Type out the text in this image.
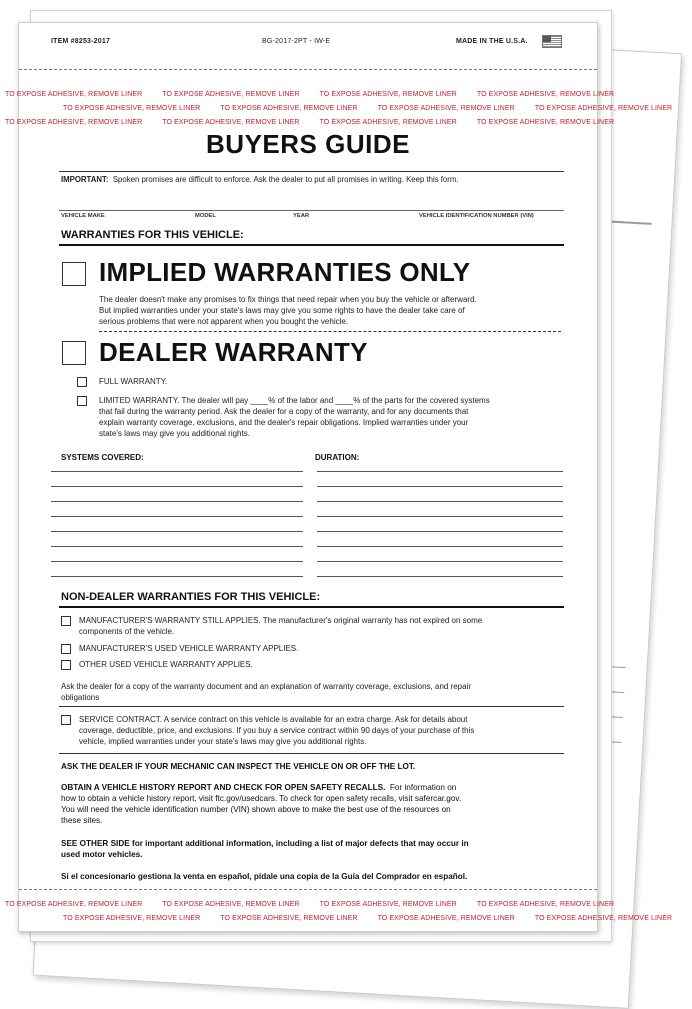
ITEM #8253-2017	BG-2017-2PT - IW-E	MADE IN THE U.S.A.
TO EXPOSE ADHESIVE, REMOVE LINER	TO EXPOSE ADHESIVE, REMOVE LINER	TO EXPOSE ADHESIVE, REMOVE LINER	TO EXPOSE ADHESIVE, REMOVE LINER
TO EXPOSE ADHESIVE, REMOVE LINER	TO EXPOSE ADHESIVE, REMOVE LINER	TO EXPOSE ADHESIVE, REMOVE LINER	TO EXPOSE ADHESIVE, REMOVE LINER
TO EXPOSE ADHESIVE, REMOVE LINER	TO EXPOSE ADHESIVE, REMOVE LINER	TO EXPOSE ADHESIVE, REMOVE LINER	TO EXPOSE ADHESIVE, REMOVE LINER
BUYERS GUIDE
IMPORTANT: Spoken promises are difficult to enforce. Ask the dealer to put all promises in writing. Keep this form.
VEHICLE MAKE	MODEL	YEAR	VEHICLE IDENTIFICATION NUMBER (VIN)
WARRANTIES FOR THIS VEHICLE:
IMPLIED WARRANTIES ONLY
The dealer doesn't make any promises to fix things that need repair when you buy the vehicle or afterward.
But implied warranties under your state's laws may give you some rights to have the dealer take care of
serious problems that were not apparent when you bought the vehicle.
DEALER WARRANTY
FULL WARRANTY.
LIMITED WARRANTY. The dealer will pay ____% of the labor and ____% of the parts for the covered systems
that fail during the warranty period. Ask the dealer for a copy of the warranty, and for any documents that
explain warranty coverage, exclusions, and the dealer's repair obligations. Implied warranties under your
state's laws may give you additional rights.
SYSTEMS COVERED:	DURATION:
NON-DEALER WARRANTIES FOR THIS VEHICLE:
MANUFACTURER'S WARRANTY STILL APPLIES. The manufacturer's original warranty has not expired on some
components of the vehicle.
MANUFACTURER'S USED VEHICLE WARRANTY APPLIES.
OTHER USED VEHICLE WARRANTY APPLIES.
Ask the dealer for a copy of the warranty document and an explanation of warranty coverage, exclusions, and repair
obligations
SERVICE CONTRACT. A service contract on this vehicle is available for an extra charge. Ask for details about
coverage, deductible, price, and exclusions. If you buy a service contract within 90 days of your purchase of this
vehicle, implied warranties under your state's laws may give you additional rights.
ASK THE DEALER IF YOUR MECHANIC CAN INSPECT THE VEHICLE ON OR OFF THE LOT.
OBTAIN A VEHICLE HISTORY REPORT AND CHECK FOR OPEN SAFETY RECALLS. For information on
how to obtain a vehicle history report, visit ftc.gov/usedcars. To check for open safety recalls, visit safercar.gov.
You will need the vehicle identification number (VIN) shown above to make the best use of the resources on
these sites.
SEE OTHER SIDE for important additional information, including a list of major defects that may occur in
used motor vehicles.
Si el concesionario gestiona la venta en español, pídale una copia de la Guía del Comprador en español.
TO EXPOSE ADHESIVE, REMOVE LINER	TO EXPOSE ADHESIVE, REMOVE LINER	TO EXPOSE ADHESIVE, REMOVE LINER	TO EXPOSE ADHESIVE, REMOVE LINER
TO EXPOSE ADHESIVE, REMOVE LINER	TO EXPOSE ADHESIVE, REMOVE LINER	TO EXPOSE ADHESIVE, REMOVE LINER	TO EXPOSE ADHESIVE, REMOVE LINER
